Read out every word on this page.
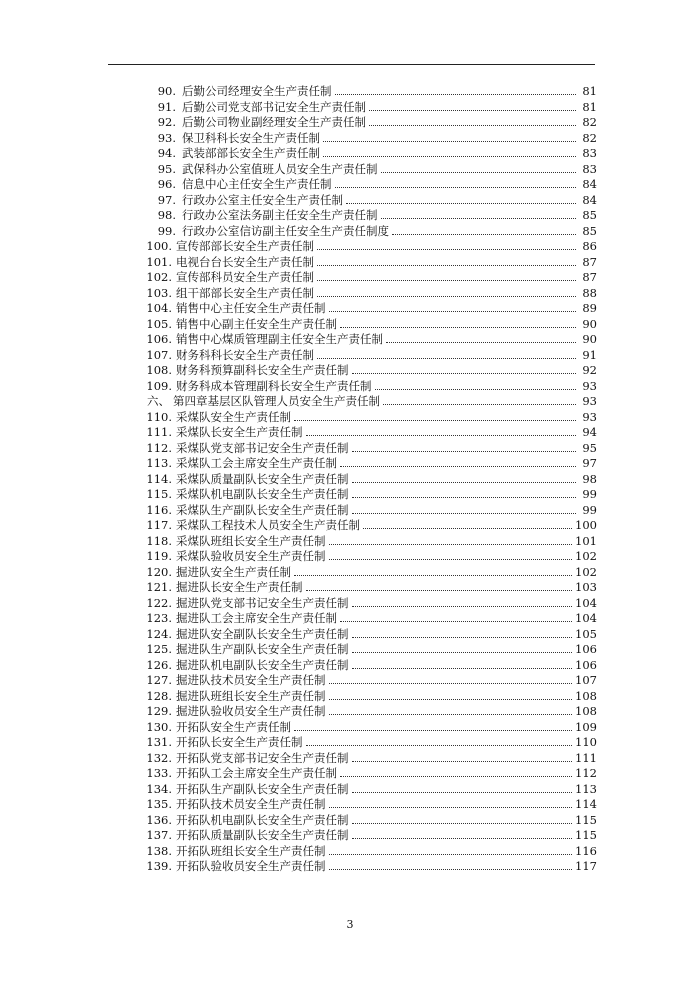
90. 后勤公司经理安全生产责任制	81
91. 后勤公司党支部书记安全生产责任制	81
92. 后勤公司物业副经理安全生产责任制	82
93. 保卫科科长安全生产责任制	82
94. 武装部部长安全生产责任制	83
95. 武保科办公室值班人员安全生产责任制	83
96. 信息中心主任安全生产责任制	84
97. 行政办公室主任安全生产责任制	84
98. 行政办公室法务副主任安全生产责任制	85
99. 行政办公室信访副主任安全生产责任制度	85
100. 宣传部部长安全生产责任制	86
101. 电视台台长安全生产责任制	87
102. 宣传部科员安全生产责任制	87
103. 组干部部长安全生产责任制	88
104. 销售中心主任安全生产责任制	89
105. 销售中心副主任安全生产责任制	90
106. 销售中心煤质管理副主任安全生产责任制	90
107. 财务科科长安全生产责任制	91
108. 财务科预算副科长安全生产责任制	92
109. 财务科成本管理副科长安全生产责任制	93
六、 第四章基层区队管理人员安全生产责任制	93
110. 采煤队安全生产责任制	93
111. 采煤队长安全生产责任制	94
112. 采煤队党支部书记安全生产责任制	95
113. 采煤队工会主席安全生产责任制	97
114. 采煤队质量副队长安全生产责任制	98
115. 采煤队机电副队长安全生产责任制	99
116. 采煤队生产副队长安全生产责任制	99
117. 采煤队工程技术人员安全生产责任制	100
118. 采煤队班组长安全生产责任制	101
119. 采煤队验收员安全生产责任制	102
120. 掘进队安全生产责任制	102
121. 掘进队长安全生产责任制	103
122. 掘进队党支部书记安全生产责任制	104
123. 掘进队工会主席安全生产责任制	104
124. 掘进队安全副队长安全生产责任制	105
125. 掘进队生产副队长安全生产责任制	106
126. 掘进队机电副队长安全生产责任制	106
127. 掘进队技术员安全生产责任制	107
128. 掘进队班组长安全生产责任制	108
129. 掘进队验收员安全生产责任制	108
130. 开拓队安全生产责任制	109
131. 开拓队长安全生产责任制	110
132. 开拓队党支部书记安全生产责任制	111
133. 开拓队工会主席安全生产责任制	112
134. 开拓队生产副队长安全生产责任制	113
135. 开拓队技术员安全生产责任制	114
136. 开拓队机电副队长安全生产责任制	115
137. 开拓队质量副队长安全生产责任制	115
138. 开拓队班组长安全生产责任制	116
139. 开拓队验收员安全生产责任制	117
3
